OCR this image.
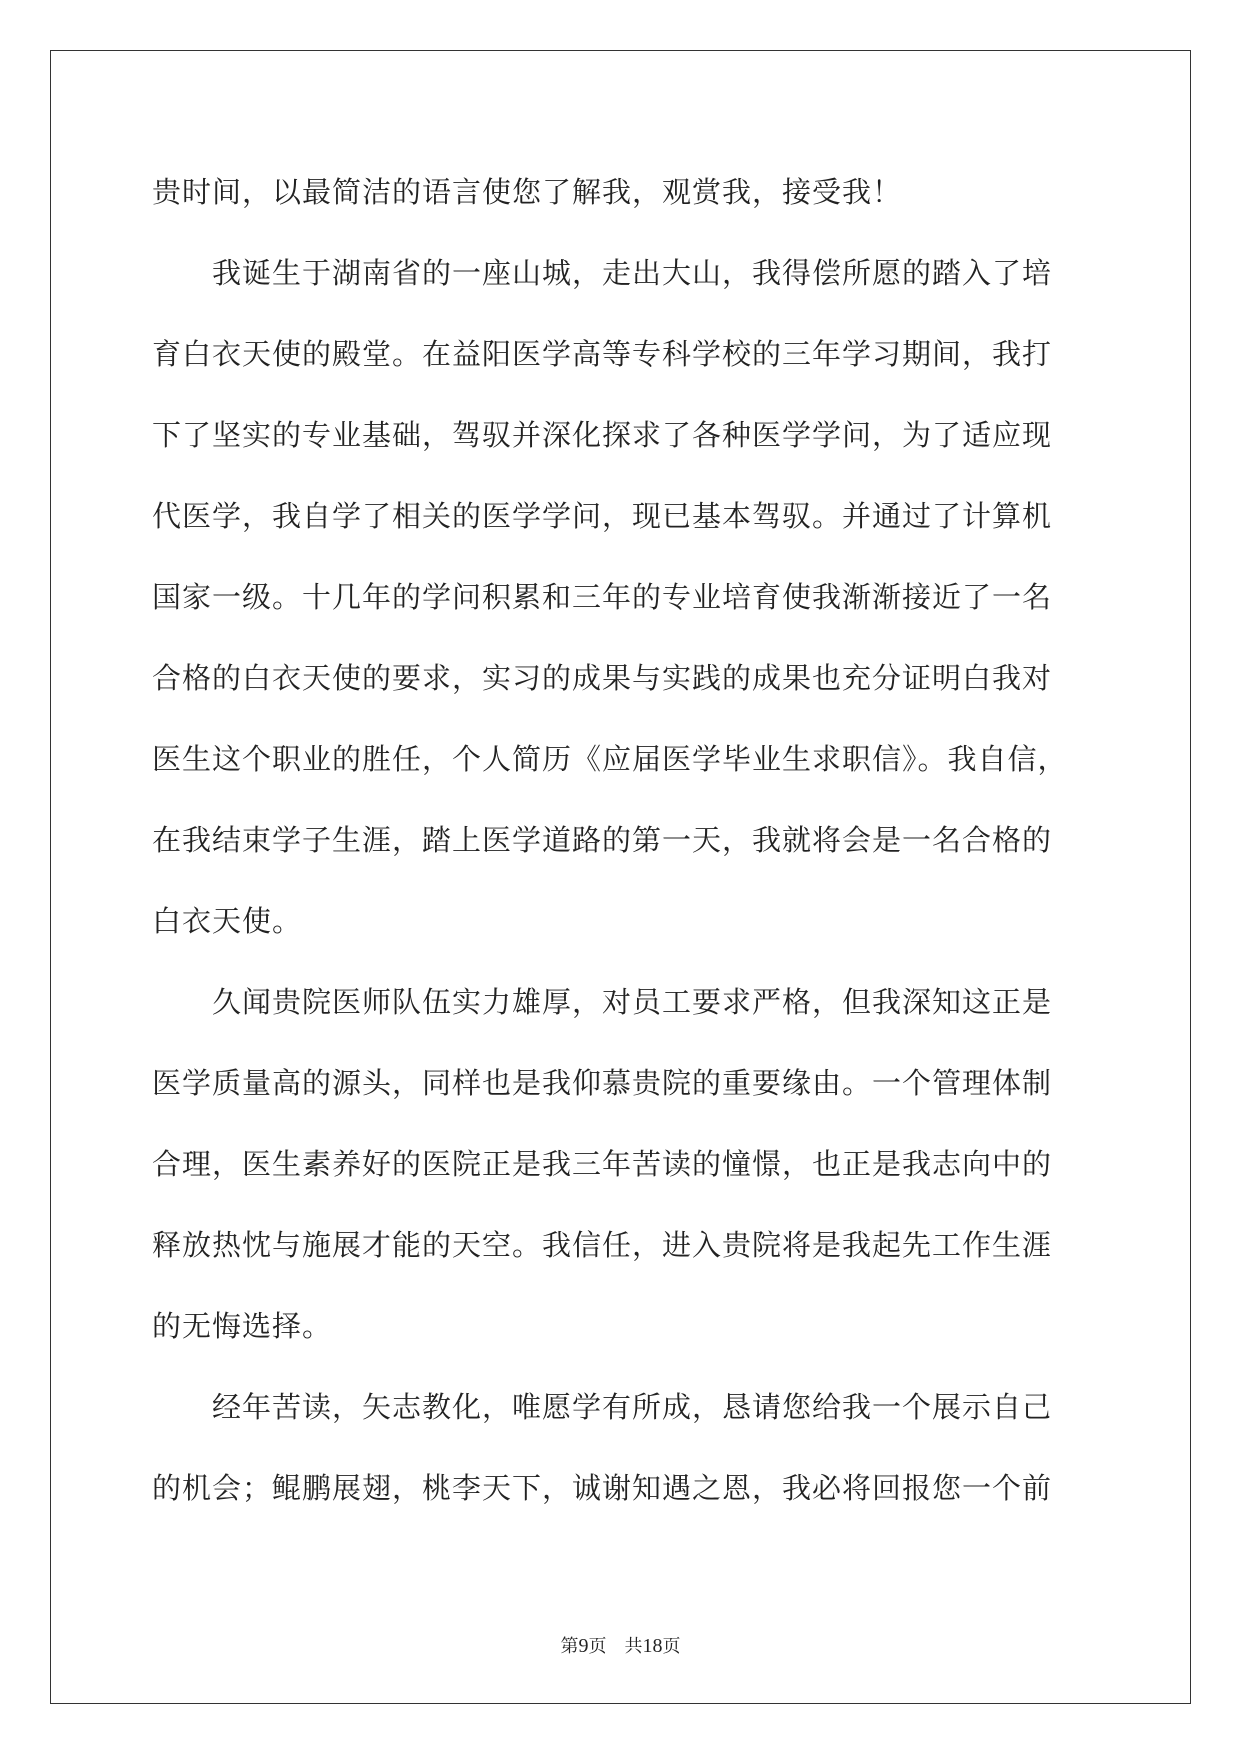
贵时间，以最简洁的语言使您了解我，观赏我，接受我！
　　我诞生于湖南省的一座山城，走出大山，我得偿所愿的踏入了培
育白衣天使的殿堂。在益阳医学高等专科学校的三年学习期间，我打
下了坚实的专业基础，驾驭并深化探求了各种医学学问，为了适应现
代医学，我自学了相关的医学学问，现已基本驾驭。并通过了计算机
国家一级。十几年的学问积累和三年的专业培育使我渐渐接近了一名
合格的白衣天使的要求，实习的成果与实践的成果也充分证明白我对
医生这个职业的胜任，个人简历《应届医学毕业生求职信》。我自信，
在我结束学子生涯，踏上医学道路的第一天，我就将会是一名合格的
白衣天使。
　　久闻贵院医师队伍实力雄厚，对员工要求严格，但我深知这正是
医学质量高的源头，同样也是我仰慕贵院的重要缘由。一个管理体制
合理，医生素养好的医院正是我三年苦读的憧憬，也正是我志向中的
释放热忱与施展才能的天空。我信任，进入贵院将是我起先工作生涯
的无悔选择。
　　经年苦读，矢志教化，唯愿学有所成，恳请您给我一个展示自己
的机会；鲲鹏展翅，桃李天下，诚谢知遇之恩，我必将回报您一个前
第9页　 共18页
